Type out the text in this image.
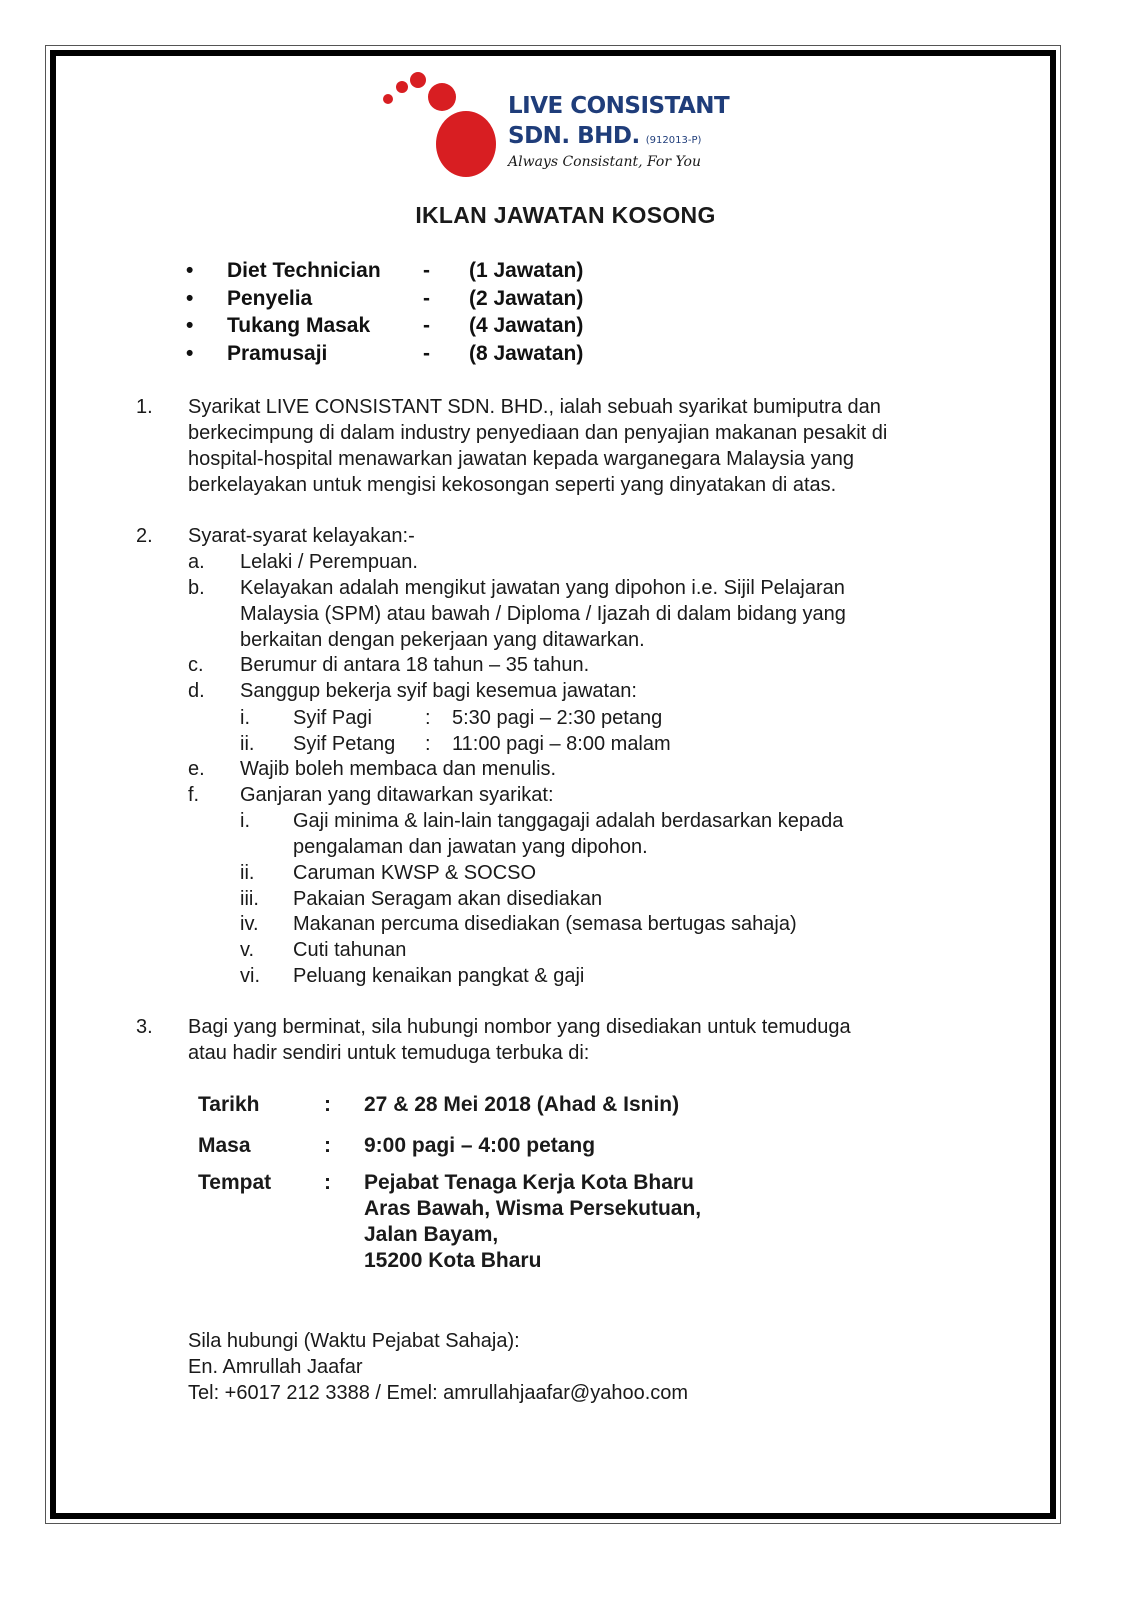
LIVE CONSISTANT
SDN. BHD. (912013-P)
Always Consistant, For You
IKLAN JAWATAN KOSONG
• Diet Technician - (1 Jawatan)
• Penyelia	- (2 Jawatan)
• Tukang Masak	- (4 Jawatan)
• Pramusaji	- (8 Jawatan)
1. Syarikat LIVE CONSISTANT SDN. BHD., ialah sebuah syarikat bumiputra dan
berkecimpung di dalam industry penyediaan dan penyajian makanan pesakit di
hospital-hospital menawarkan jawatan kepada warganegara Malaysia yang
berkelayakan untuk mengisi kekosongan seperti yang dinyatakan di atas.
2. Syarat-syarat kelayakan:-
a. Lelaki / Perempuan.
b. Kelayakan adalah mengikut jawatan yang dipohon i.e. Sijil Pelajaran
Malaysia (SPM) atau bawah / Diploma / Ijazah di dalam bidang yang
berkaitan dengan pekerjaan yang ditawarkan.
c. Berumur di antara 18 tahun – 35 tahun.
d. Sanggup bekerja syif bagi kesemua jawatan:
i. Syif Pagi	: 5:30 pagi – 2:30 petang
ii. Syif Petang : 11:00 pagi – 8:00 malam
e. Wajib boleh membaca dan menulis.
f. Ganjaran yang ditawarkan syarikat:
i. Gaji minima & lain-lain tanggagaji adalah berdasarkan kepada
pengalaman dan jawatan yang dipohon.
ii. Caruman KWSP & SOCSO
iii. Pakaian Seragam akan disediakan
iv. Makanan percuma disediakan (semasa bertugas sahaja)
v. Cuti tahunan
vi. Peluang kenaikan pangkat & gaji
3. Bagi yang berminat, sila hubungi nombor yang disediakan untuk temuduga
atau hadir sendiri untuk temuduga terbuka di:
Tarikh	: 27 & 28 Mei 2018 (Ahad & Isnin)
Masa	: 9:00 pagi – 4:00 petang
Tempat	: Pejabat Tenaga Kerja Kota Bharu
Aras Bawah, Wisma Persekutuan,
Jalan Bayam,
15200 Kota Bharu
Sila hubungi (Waktu Pejabat Sahaja):
En. Amrullah Jaafar
Tel: +6017 212 3388 / Emel: amrullahjaafar@yahoo.com
